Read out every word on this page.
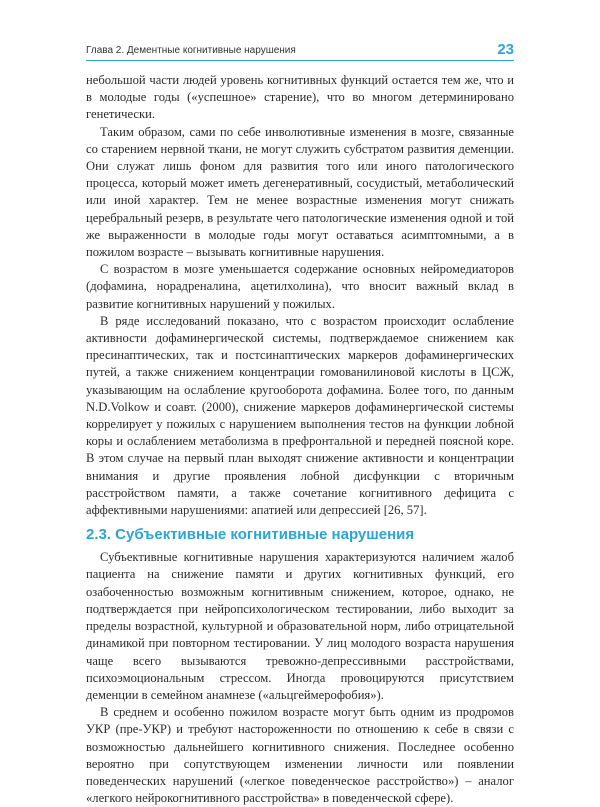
Глава 2. Дементные когнитивные нарушения	23

небольшой части людей уровень когнитивных функций остается тем же, что и в молодые годы («успешное» старение), что во многом детерминировано генетически.

Таким образом, сами по себе инволютивные изменения в мозге, связанные со старением нервной ткани, не могут служить субстратом развития деменции. Они служат лишь фоном для развития того или иного патологического процесса, который может иметь дегенеративный, сосудистый, метаболический или иной характер. Тем не менее возрастные изменения могут снижать церебральный резерв, в результате чего патологические изменения одной и той же выраженности в молодые годы могут оставаться асимптомными, а в пожилом возрасте – вызывать когнитивные нарушения.

С возрастом в мозге уменьшается содержание основных нейромедиаторов (дофамина, норадреналина, ацетилхолина), что вносит важный вклад в развитие когнитивных нарушений у пожилых.

В ряде исследований показано, что с возрастом происходит ослабление активности дофаминергической системы, подтверждаемое снижением как пресинаптических, так и постсинаптических маркеров дофаминергических путей, а также снижением концентрации гомованилиновой кислоты в ЦСЖ, указывающим на ослабление кругооборота дофамина. Более того, по данным N.D.Volkow и соавт. (2000), снижение маркеров дофаминергической системы коррелирует у пожилых с нарушением выполнения тестов на функции лобной коры и ослаблением метаболизма в префронтальной и передней поясной коре. В этом случае на первый план выходят снижение активности и концентрации внимания и другие проявления лобной дисфункции с вторичным расстройством памяти, а также сочетание когнитивного дефицита с аффективными нарушениями: апатией или депрессией [26, 57].

2.3. Субъективные когнитивные нарушения

Субъективные когнитивные нарушения характеризуются наличием жалоб пациента на снижение памяти и других когнитивных функций, его озабоченностью возможным когнитивным снижением, которое, однако, не подтверждается при нейропсихологическом тестировании, либо выходит за пределы возрастной, культурной и образовательной норм, либо отрицательной динамикой при повторном тестировании. У лиц молодого возраста нарушения чаще всего вызываются тревожно-депрессивными расстройствами, психоэмоциональным стрессом. Иногда провоцируются присутствием деменции в семейном анамнезе («альцгеймерофобия»).

В среднем и особенно пожилом возрасте могут быть одним из продромов УКР (пре-УКР) и требуют настороженности по отношению к себе в связи с возможностью дальнейшего когнитивного снижения. Последнее особенно вероятно при сопутствующем изменении личности или появлении поведенческих нарушений («легкое поведенческое расстройство») – аналог «легкого нейрокогнитивного расстройства» в поведенческой сфере).
